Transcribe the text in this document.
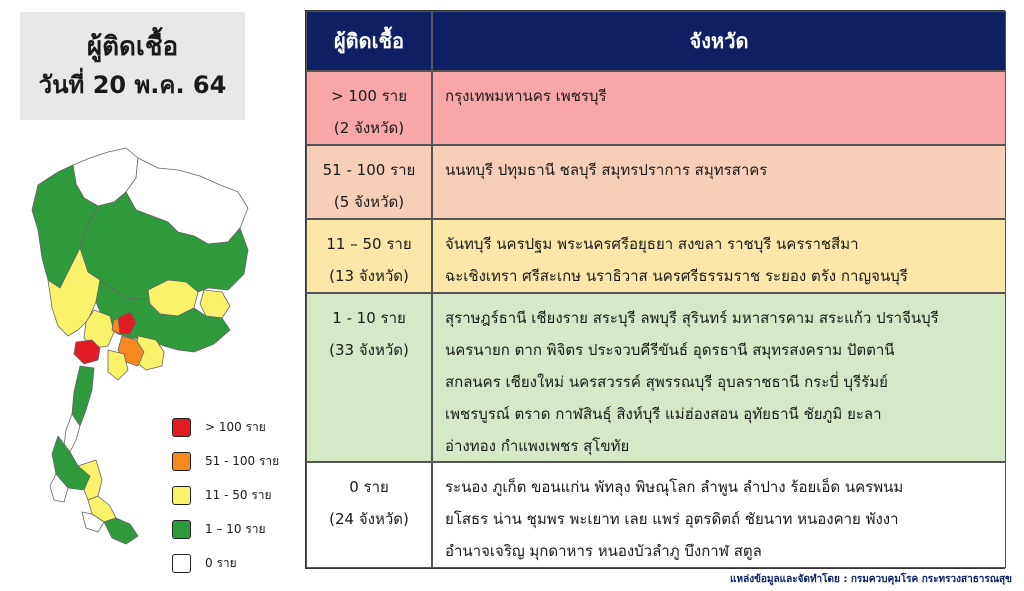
ผู้ติดเชื้อ
วันที่ 20 พ.ค. 64
> 100 ราย
51 - 100 ราย
11 - 50 ราย
1 – 10 ราย
0 ราย
ผู้ติดเชื้อ	จังหวัด
> 100 ราย
(2 จังหวัด)
กรุงเทพมหานคร เพชรบุรี
51 - 100 ราย
(5 จังหวัด)
นนทบุรี ปทุมธานี ชลบุรี สมุทรปราการ สมุทรสาคร
11 – 50 ราย
(13 จังหวัด)
จันทบุรี นครปฐม พระนครศรีอยุธยา สงขลา ราชบุรี นครราชสีมา
ฉะเชิงเทรา ศรีสะเกษ นราธิวาส นครศรีธรรมราช ระยอง ตรัง กาญจนบุรี
1 - 10 ราย
(33 จังหวัด)
สุราษฎร์ธานี เชียงราย สระบุรี ลพบุรี สุรินทร์ มหาสารคาม สระแก้ว ปราจีนบุรี
นครนายก ตาก พิจิตร ประจวบคีรีขันธ์ อุดรธานี สมุทรสงคราม ปัตตานี
สกลนคร เชียงใหม่ นครสวรรค์ สุพรรณบุรี อุบลราชธานี กระบี่ บุรีรัมย์
เพชรบูรณ์ ตราด กาฬสินธุ์ สิงห์บุรี แม่ฮ่องสอน อุทัยธานี ชัยภูมิ ยะลา
อ่างทอง กำแพงเพชร สุโขทัย
0 ราย
(24 จังหวัด)
ระนอง ภูเก็ต ขอนแก่น พัทลุง พิษณุโลก ลำพูน ลำปาง ร้อยเอ็ด นครพนม
ยโสธร น่าน ชุมพร พะเยาท เลย แพร่ อุตรดิตถ์ ชัยนาท หนองคาย พังงา
อำนาจเจริญ มุกดาหาร หนองบัวลำภู บึงกาฬ สตูล
แหล่งข้อมูลและจัดทำโดย : กรมควบคุมโรค กระทรวงสาธารณสุข
